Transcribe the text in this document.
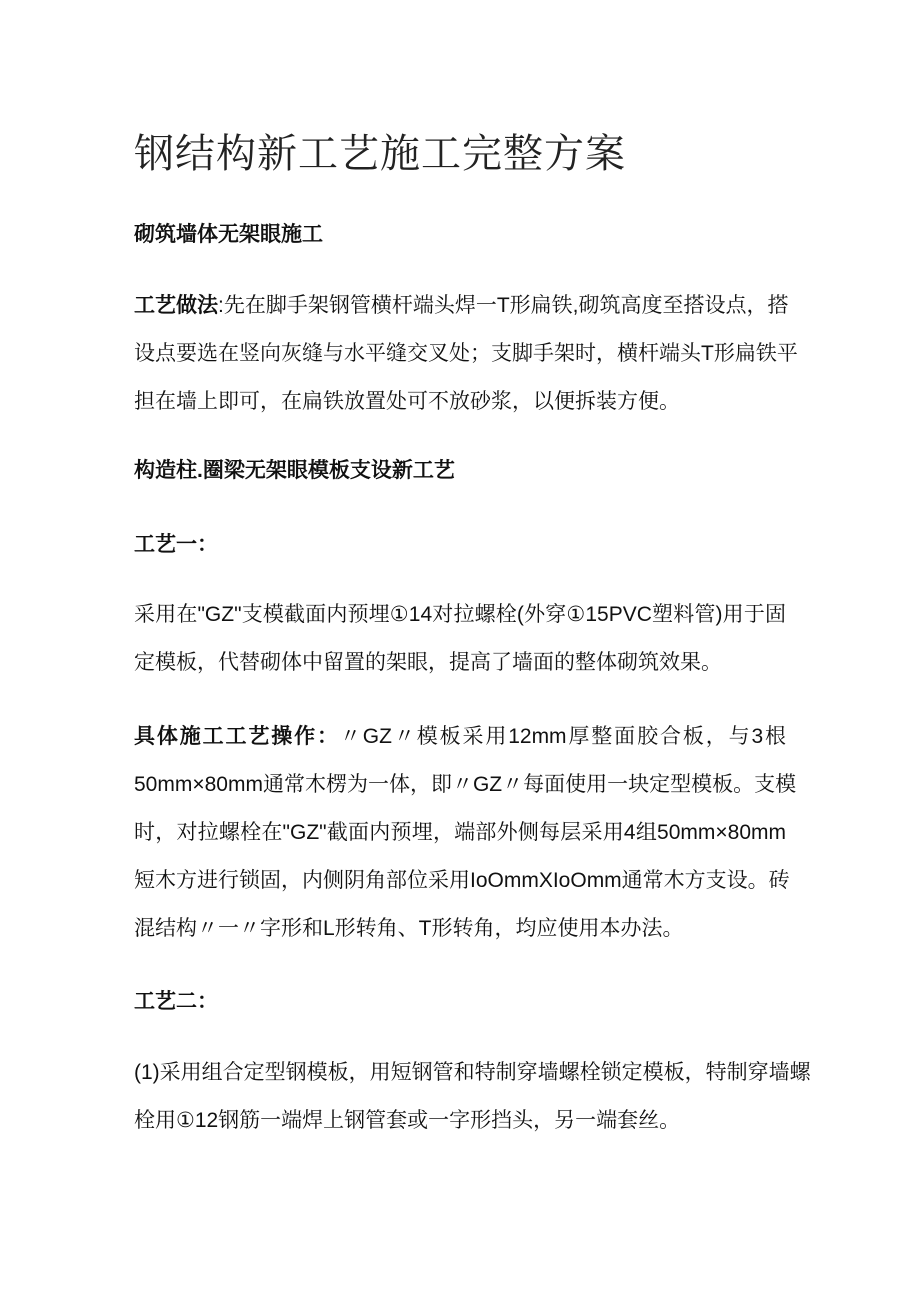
钢结构新工艺施工完整方案
砌筑墙体无架眼施工
工艺做法:先在脚手架钢管横杆端头焊一T形扁铁,砌筑高度至搭设点，搭
设点要选在竖向灰缝与水平缝交叉处；支脚手架时，横杆端头T形扁铁平
担在墙上即可，在扁铁放置处可不放砂浆，以便拆装方便。
构造柱.圈梁无架眼模板支设新工艺
工艺一：
采用在"GZ"支模截面内预埋①14对拉螺栓(外穿①15PVC塑料管)用于固
定模板，代替砌体中留置的架眼，提高了墙面的整体砌筑效果。
具体施工工艺操作：〃GZ〃模板采用12mm厚整面胶合板，与3根
50mm×80mm通常木楞为一体，即〃GZ〃每面使用一块定型模板。支模
时，对拉螺栓在"GZ"截面内预埋，端部外侧每层采用4组50mm×80mm
短木方进行锁固，内侧阴角部位采用IoOmmXIoOmm通常木方支设。砖
混结构〃一〃字形和L形转角、T形转角，均应使用本办法。
工艺二：
(1)采用组合定型钢模板，用短钢管和特制穿墙螺栓锁定模板，特制穿墙螺
栓用①12钢筋一端焊上钢管套或一字形挡头，另一端套丝。
